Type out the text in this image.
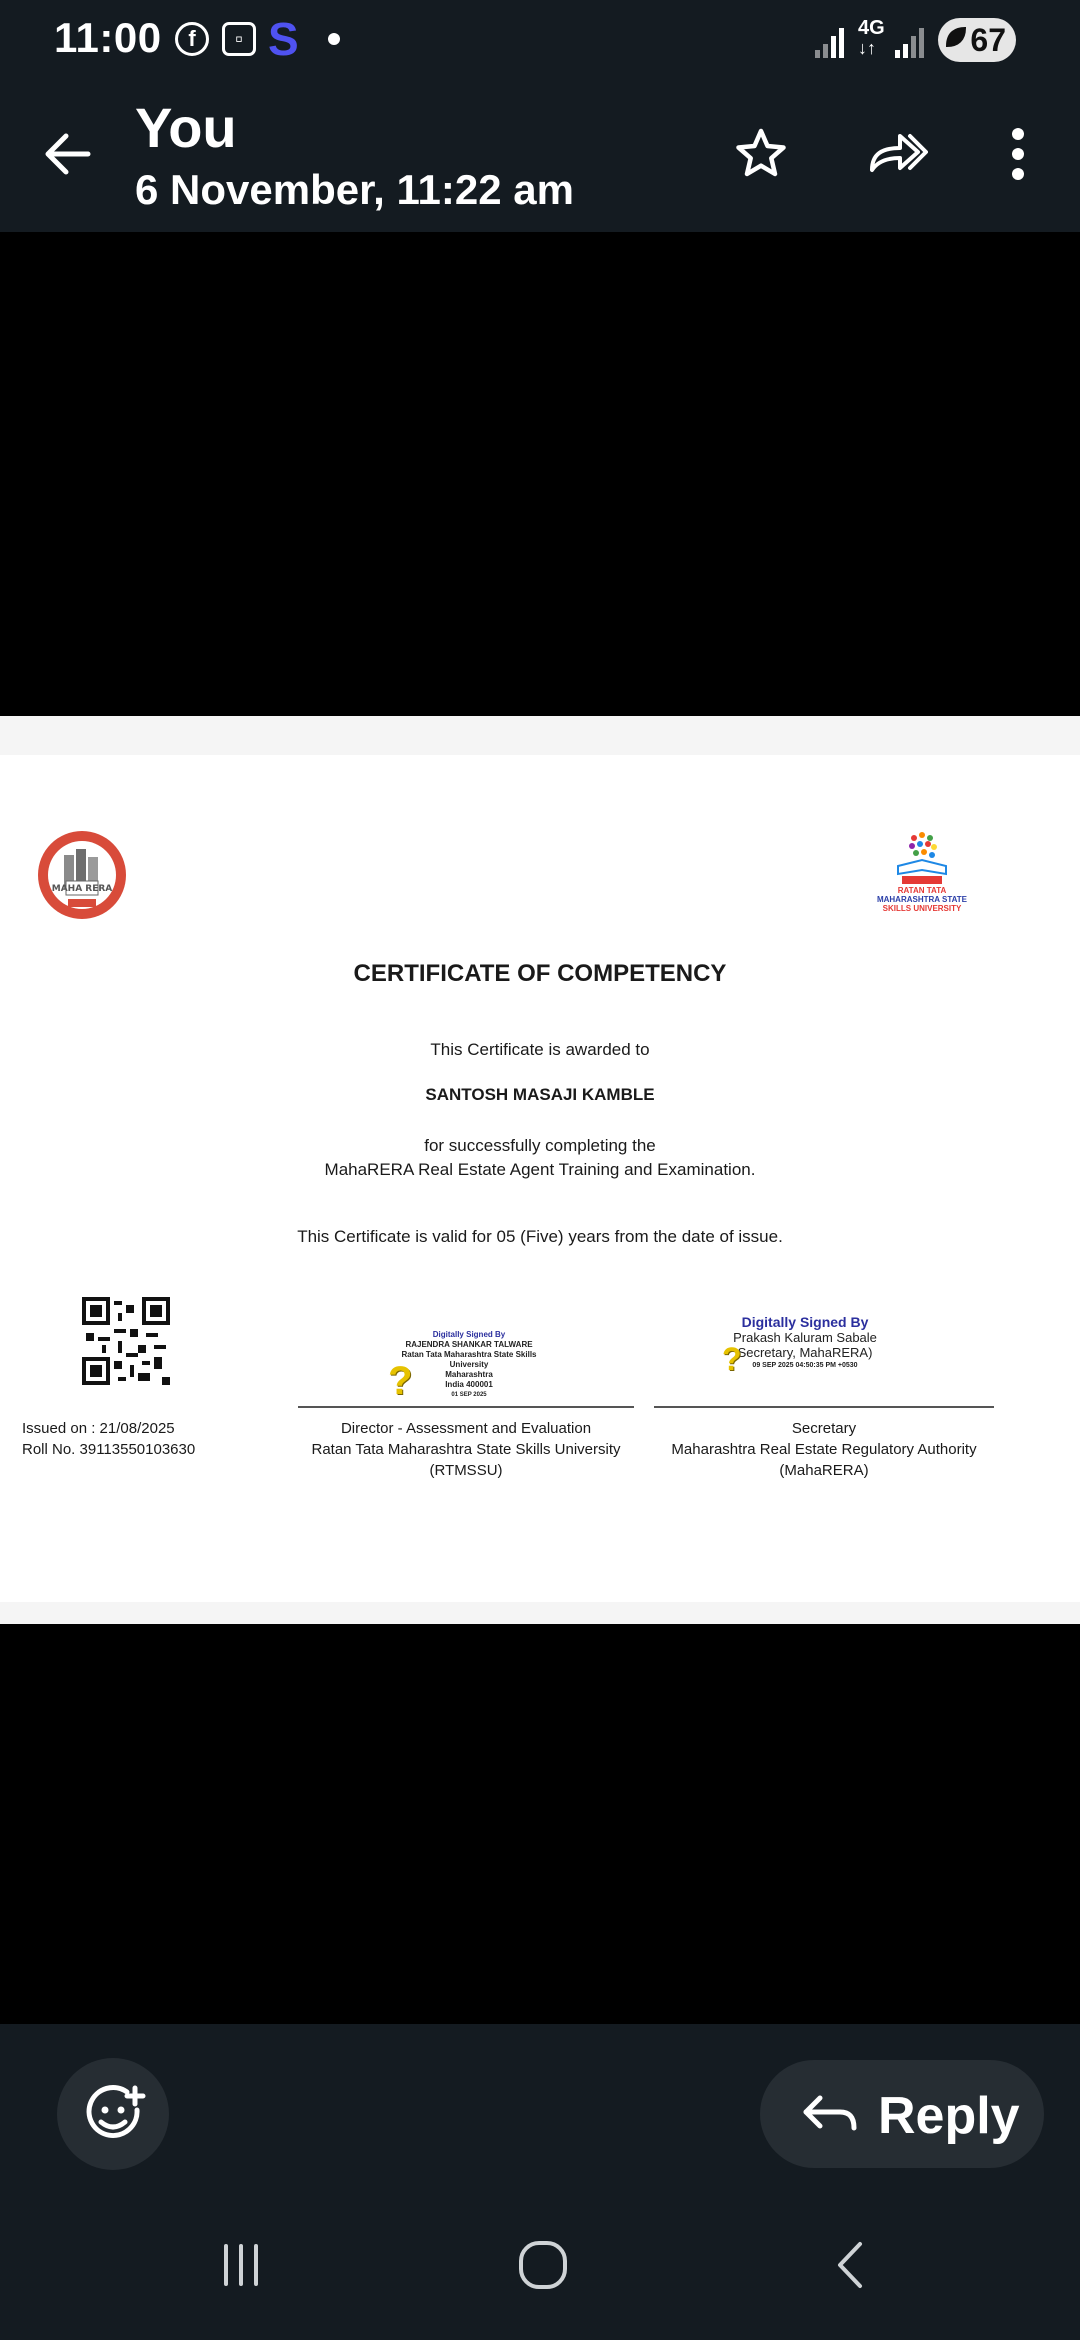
11:00	f	▫ S	4G
↓↑	67
You
6 November, 11:22 am
MAHA RERA	RATAN TATA
MAHARASHTRA STATE
SKILLS UNIVERSITY
CERTIFICATE OF COMPETENCY
This Certificate is awarded to
SANTOSH MASAJI KAMBLE
for successfully completing the
MahaRERA Real Estate Agent Training and Examination.
This Certificate is valid for 05 (Five) years from the date of issue.
Issued on : 21/08/2025
Roll No. 39113550103630
Digitally Signed By
RAJENDRA SHANKAR TALWARE
Ratan Tata Maharashtra State Skills
University
Maharashtra
India 400001
01 SEP 2025
?
Director - Assessment and Evaluation
Ratan Tata Maharashtra State Skills University
(RTMSSU)
Digitally Signed By
Prakash Kaluram Sabale
Secretary, MahaRERA)
09 SEP 2025 04:50:35 PM +0530
?
Secretary
Maharashtra Real Estate Regulatory Authority
(MahaRERA)
Reply
